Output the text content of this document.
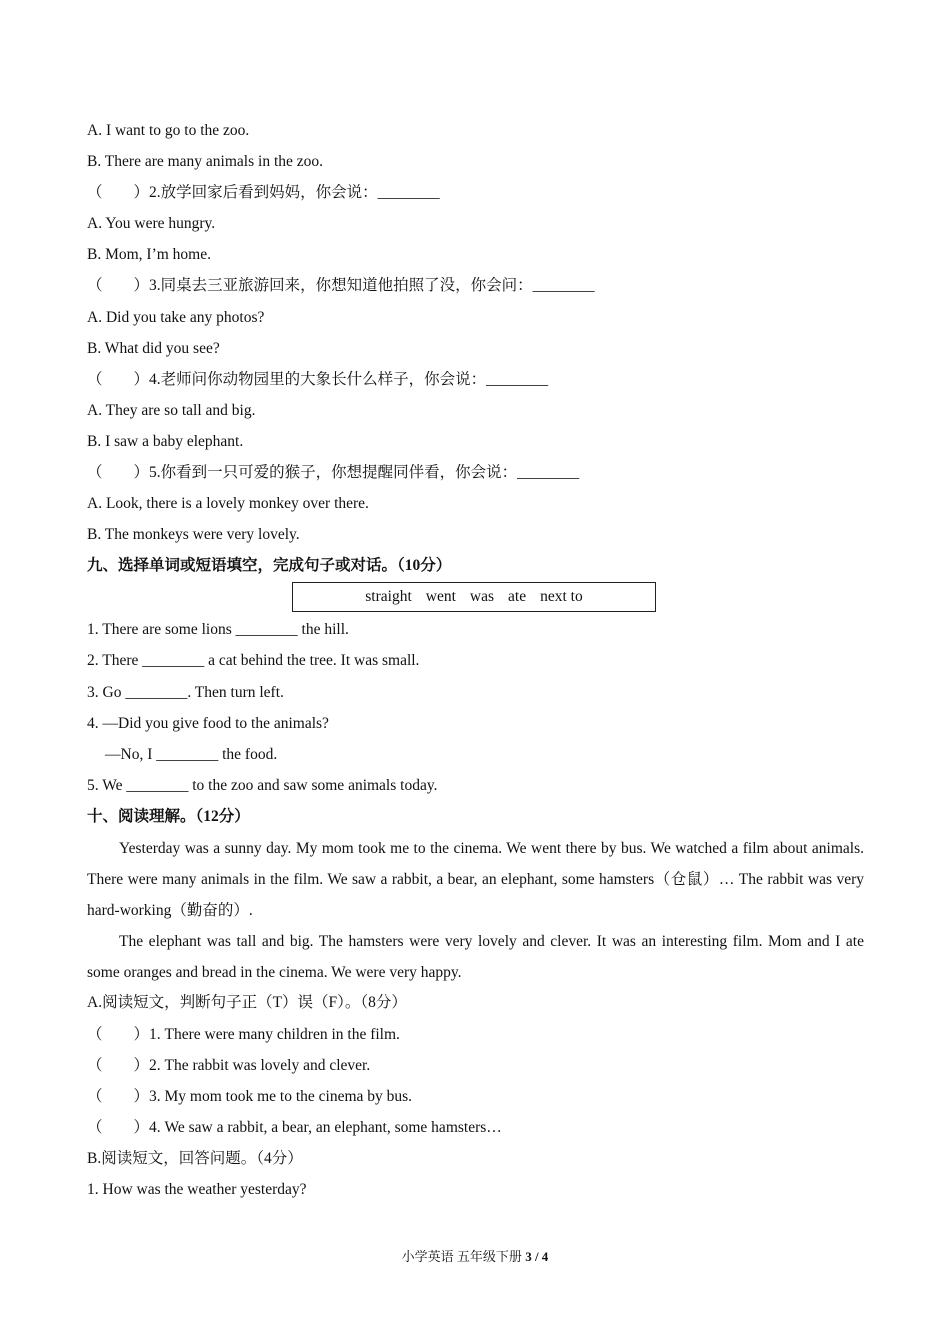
A. I want to go to the zoo.
B. There are many animals in the zoo.
（　　）2.放学回家后看到妈妈，你会说：________
A. You were hungry.
B. Mom, I’m home.
（　　）3.同桌去三亚旅游回来，你想知道他拍照了没，你会问：________
A. Did you take any photos?
B. What did you see?
（　　）4.老师问你动物园里的大象长什么样子，你会说：________
A. They are so tall and big.
B. I saw a baby elephant.
（　　）5.你看到一只可爱的猴子，你想提醒同伴看，你会说：________
A. Look, there is a lovely monkey over there.
B. The monkeys were very lovely.
九、选择单词或短语填空，完成句子或对话。（10分）
straight went was ate next to
1. There are some lions ________ the hill.
2. There ________ a cat behind the tree. It was small.
3. Go ________. Then turn left.
4. —Did you give food to the animals?
—No, I ________ the food.
5. We ________ to the zoo and saw some animals today.
十、阅读理解。（12分）
Yesterday was a sunny day. My mom took me to the cinema. We went there by bus. We watched a film about animals. There were many animals in the film. We saw a rabbit, a bear, an elephant, some hamsters（仓鼠）… The rabbit was very hard-working（勤奋的）.
The elephant was tall and big. The hamsters were very lovely and clever. It was an interesting film. Mom and I ate some oranges and bread in the cinema. We were very happy.
A.阅读短文，判断句子正（T）误（F）。（8分）
（　　）1. There were many children in the film.
（　　）2. The rabbit was lovely and clever.
（　　）3. My mom took me to the cinema by bus.
（　　）4. We saw a rabbit, a bear, an elephant, some hamsters…
B.阅读短文，回答问题。（4分）
1. How was the weather yesterday?
小学英语 五年级下册 3 / 4
